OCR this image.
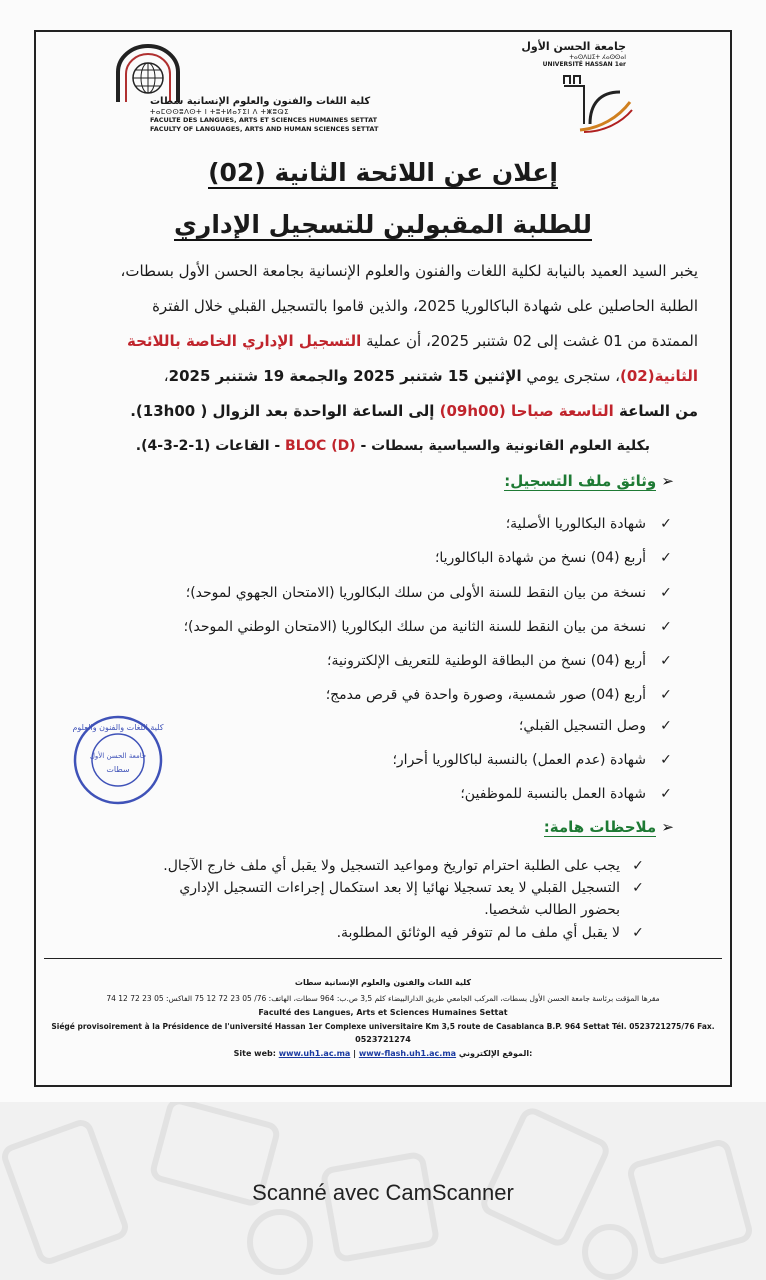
كلية اللغات والفنون والعلوم الإنسانية سطات
ⵜⴰⵎⵙⵙⵓⴷⵙⵜ ⵏ ⵜⵓⵜⵍⴰⵢⵉⵏ ⴷ ⵜⵥⵓⵕⵉ
FACULTE DES LANGUES, ARTS ET SCIENCES HUMAINES SETTAT
FACULTY OF LANGUAGES, ARTS AND HUMAN SCIENCES SETTAT
جامعة الحسن الأول
ⵜⴰⵙⴷⵡⵉⵜ ⵃⴰⵙⵙⴰⵏ
UNIVERSITÉ HASSAN 1er
إعلان عن اللائحة الثانية (02)
للطلبة المقبولين للتسجيل الإداري
يخبر السيد العميد بالنيابة لكلية اللغات والفنون والعلوم الإنسانية بجامعة الحسن الأول بسطات،
الطلبة الحاصلين على شهادة الباكالوريا 2025، والذين قاموا بالتسجيل القبلي خلال الفترة
الممتدة من 01 غشت إلى 02 شتنبر 2025، أن عملية التسجيل الإداري الخاصة باللائحة
الثانية(02)، ستجرى يومي الإثنين 15 شتنبر 2025 والجمعة 19 شتنبر 2025،
من الساعة التاسعة صباحا (09h00) إلى الساعة الواحدة بعد الزوال ( 13h00).
بكلية العلوم القانونية والسياسية بسطات - BLOC (D) - القاعات (1-2-3-4).
➢ وثائق ملف التسجيل:
✓شهادة البكالوريا الأصلية؛
✓أربع (04) نسخ من شهادة الباكالوريا؛
✓نسخة من بيان النقط للسنة الأولى من سلك البكالوريا (الامتحان الجهوي لموحد)؛
✓نسخة من بيان النقط للسنة الثانية من سلك البكالوريا (الامتحان الوطني الموحد)؛
✓أربع (04) نسخ من البطاقة الوطنية للتعريف الإلكترونية؛
✓أربع (04) صور شمسية، وصورة واحدة في قرص مدمج؛
✓وصل التسجيل القبلي؛
✓شهادة (عدم العمل) بالنسبة لباكالوريا أحرار؛
✓شهادة العمل بالنسبة للموظفين؛
➢ ملاحظات هامة:
✓يجب على الطلبة احترام تواريخ ومواعيد التسجيل ولا يقبل أي ملف خارج الآجال.
✓التسجيل القبلي لا يعد تسجيلا نهائيا إلا بعد استكمال إجراءات التسجيل الإداري
بحضور الطالب شخصيا.
✓لا يقبل أي ملف ما لم تتوفر فيه الوثائق المطلوبة.
كلية اللغات والفنون والعلوم
جامعة الحسن الأول
سطات
كلية اللغات والفنون والعلوم الإنسانية سطات
مقرها المؤقت برئاسة جامعة الحسن الأول بسطات، المركب الجامعي طريق الدارالبيضاء كلم 3,5 ص.ب: 964 سطات، الهاتف: 76/ 05 23 72 12 75 الفاكس: 05 23 72 12 74
Faculté des Langues, Arts et Sciences Humaines Settat
Siégé provisoirement à la Présidence de l'université Hassan 1er Complexe universitaire Km 3,5 route de Casablanca B.P. 964 Settat Tél. 0523721275/76 Fax.
0523721274
Site web: www.uh1.ac.ma | www-flash.uh1.ac.ma الموقع الإلكتروني:
Scanné avec CamScanner
